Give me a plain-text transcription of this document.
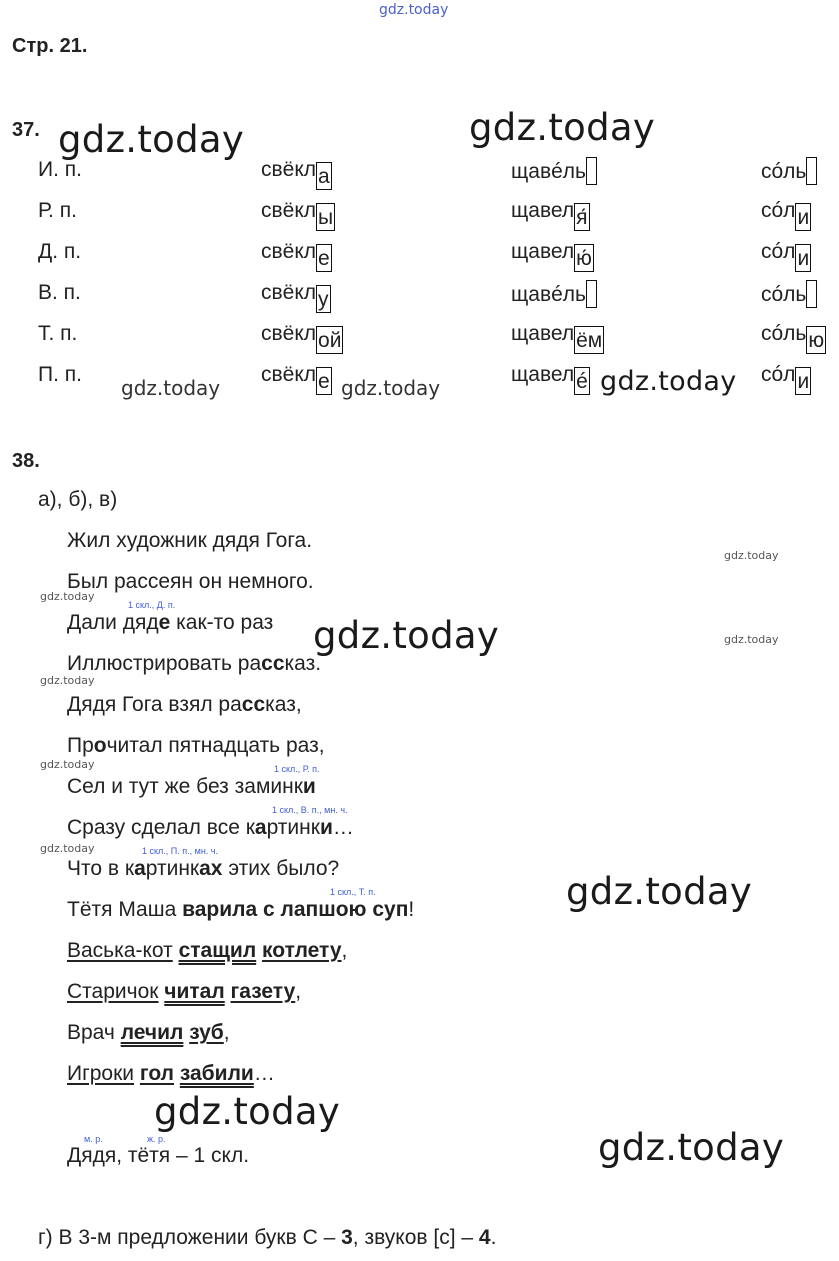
gdz.today
gdz.today	gdz.today
gdz.today	gdz.today	gdz.today
gdz.today
gdz.today
gdz.today	gdz.today
gdz.today
gdz.today
gdz.today
gdz.today
gdz.today
gdz.today
Стр. 21.
37.
И. п.	свёкла	щавéль	сóль
Р. п.	свёклы	щавеля́	сóли
Д. п.	свёкле	щавелю́	сóли
В. п.	свёклу	щавéль	сóль
Т. п.	свёклой	щавелём	сóлью
П. п.	свёкле	щавелé	сóли
38.
а), б), в)
Жил художник дядя Гога.
Был рассеян он немного.
1 скл., Д. п.
Дали дяде как-то раз
Иллюстрировать рассказ.
Дядя Гога взял рассказ,
Прочитал пятнадцать раз,
1 скл., Р. п.
Сел и тут же без заминки
1 скл., В. п., мн. ч.
Сразу сделал все картинки…
1 скл., П. п., мн. ч.
Что в картинках этих было?
1 скл., Т. п.
Тётя Маша варила с лапшою суп!
Васька-кот стащил котлету,
Старичок читал газету,
Врач лечил зуб,
Игроки гол забили…
м. р.	ж. р.
Дядя, тётя – 1 скл.
г) В 3-м предложении букв С – 3, звуков [с] – 4.
